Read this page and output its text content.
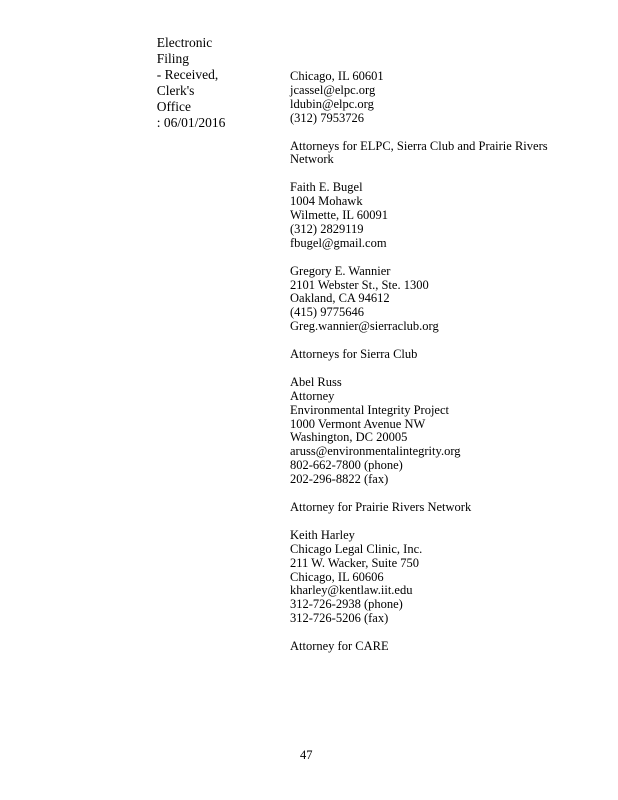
Electronic
Filing
- Received,
Clerk's
Office
: 06/01/2016

Chicago, IL 60601
jcassel@elpc.org
ldubin@elpc.org
(312) 7953726
Attorneys for ELPC, Sierra Club and Prairie Rivers Network
Faith E. Bugel
1004 Mohawk
Wilmette, IL 60091
(312) 2829119
fbugel@gmail.com
Gregory E. Wannier
2101 Webster St., Ste. 1300
Oakland, CA 94612
(415) 9775646
Greg.wannier@sierraclub.org
Attorneys for Sierra Club
Abel Russ
Attorney
Environmental Integrity Project
1000 Vermont Avenue NW
Washington, DC 20005
aruss@environmentalintegrity.org
802-662-7800 (phone)
202-296-8822 (fax)
Attorney for Prairie Rivers Network
Keith Harley
Chicago Legal Clinic, Inc.
211 W. Wacker, Suite 750
Chicago, IL 60606
kharley@kentlaw.iit.edu
312-726-2938 (phone)
312-726-5206 (fax)
Attorney for CARE
47
